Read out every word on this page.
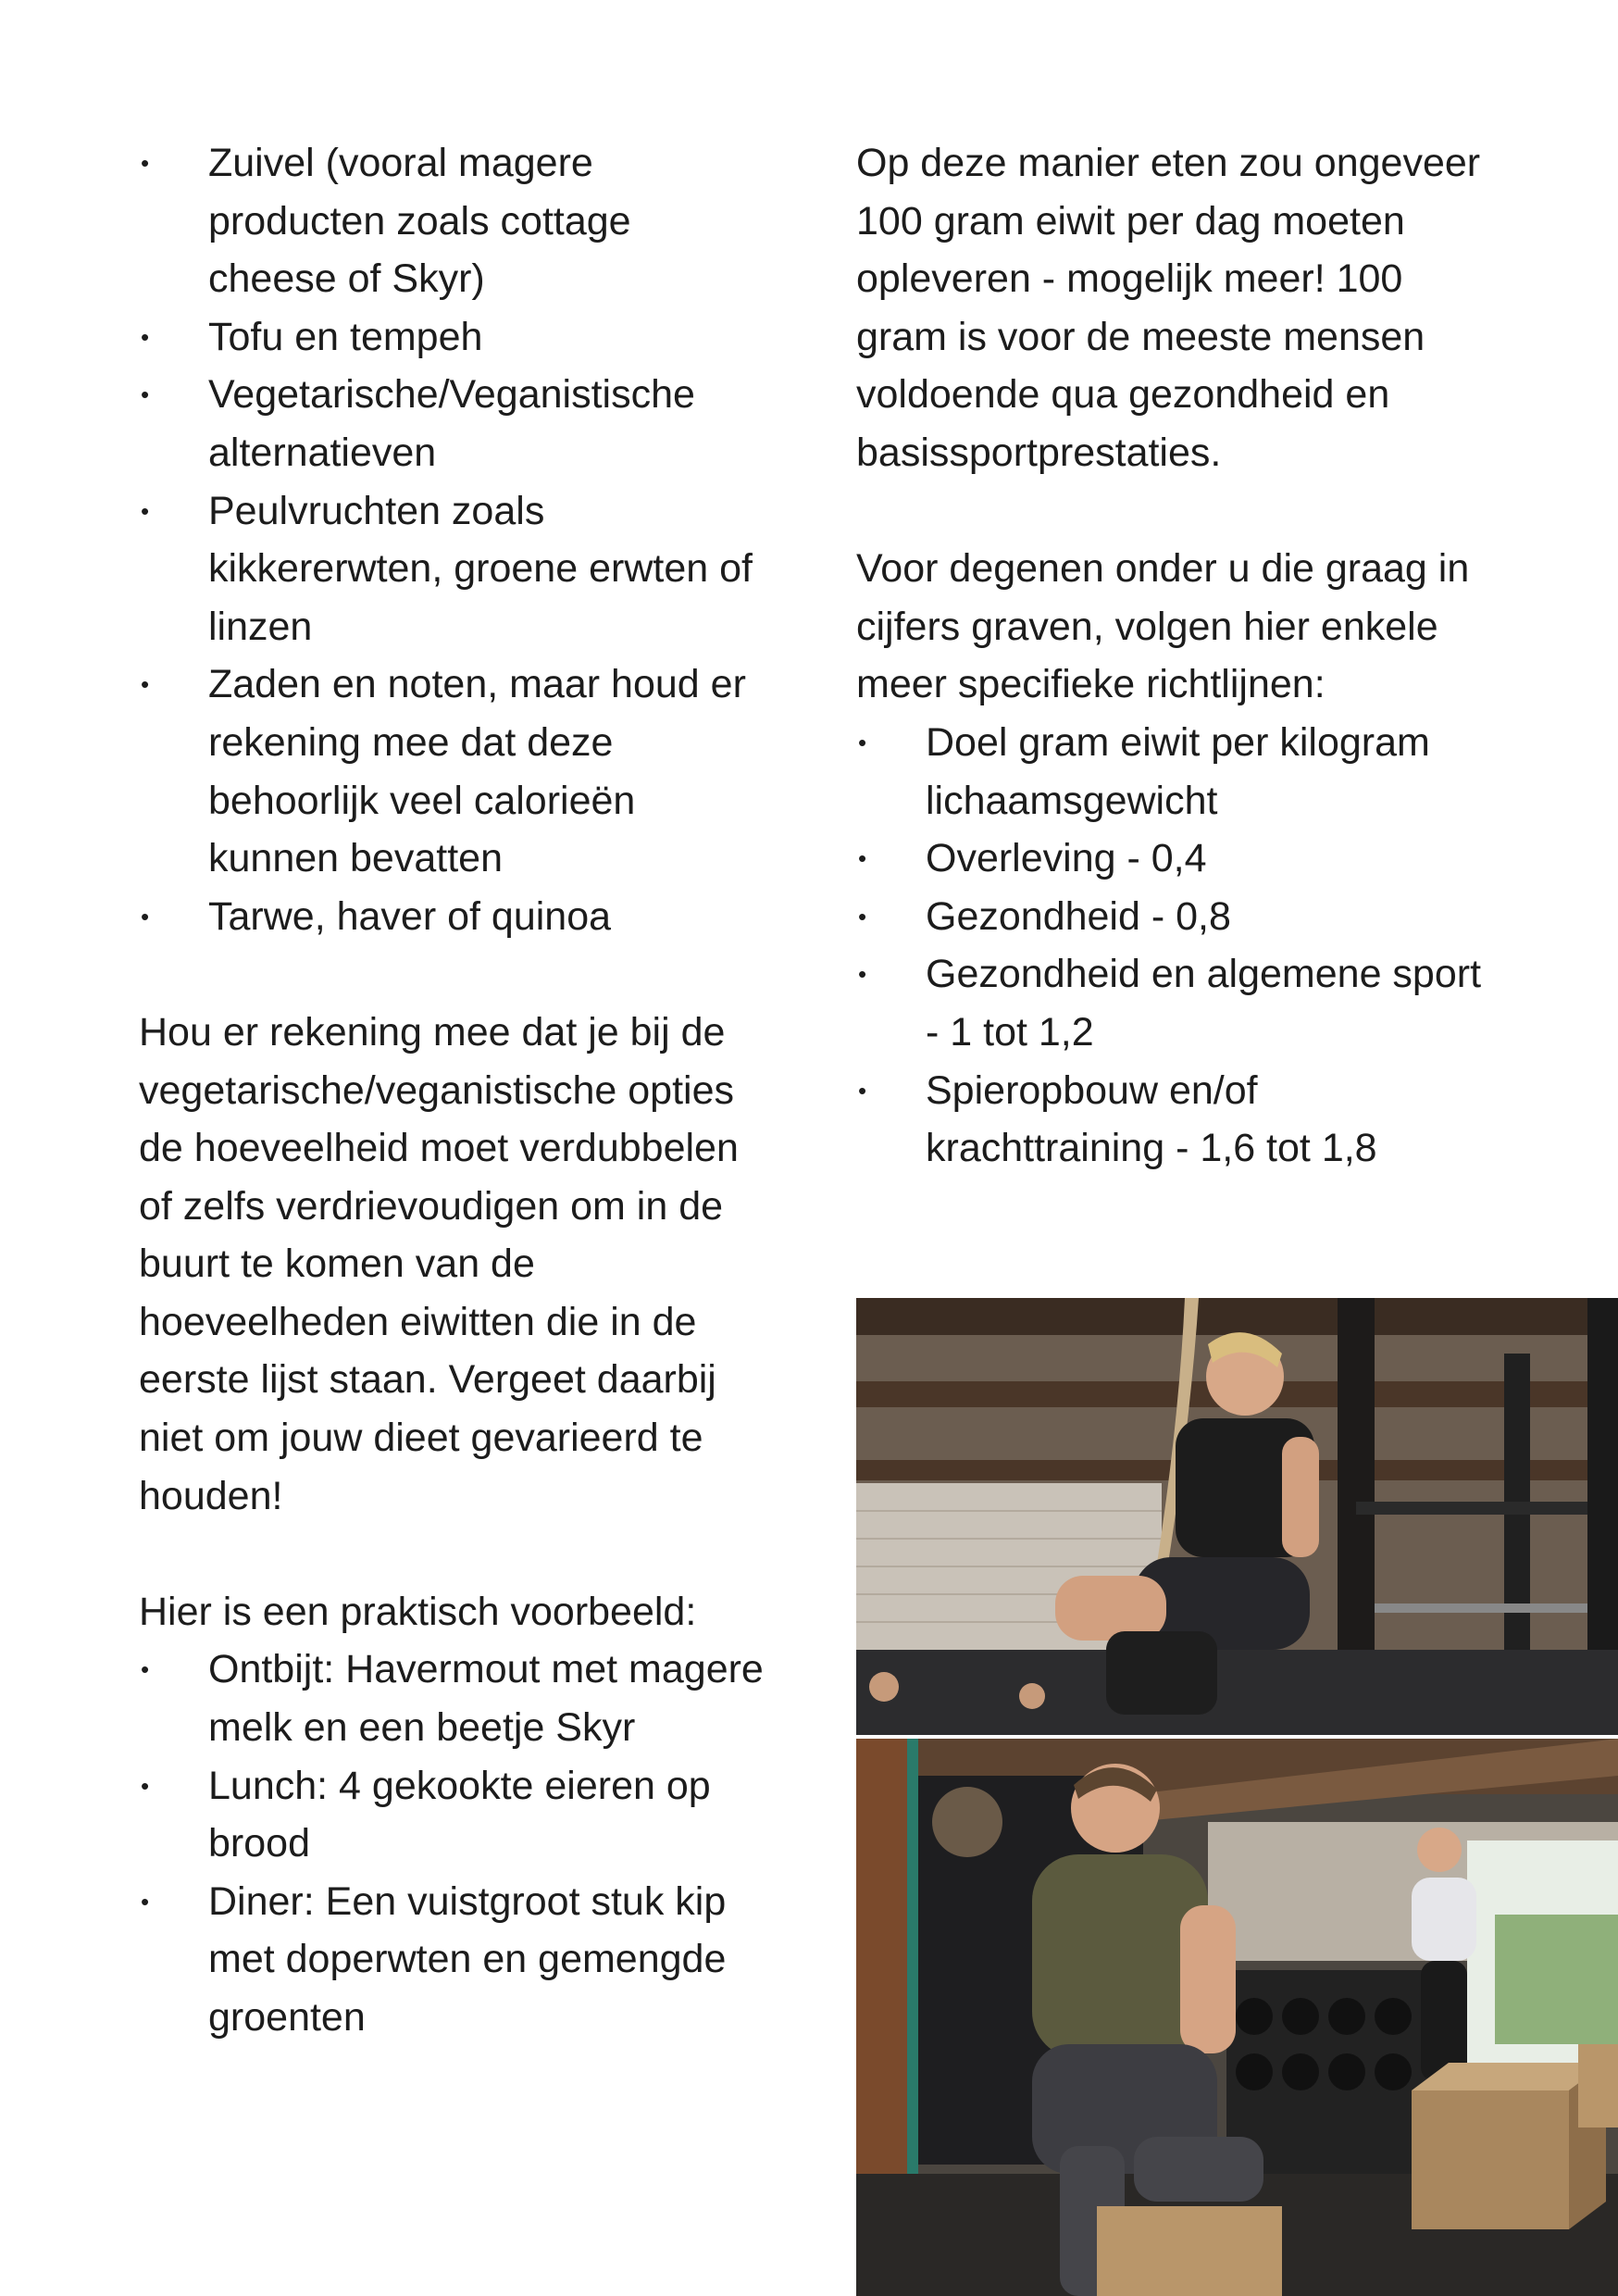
• Zuivel (vooral magere producten zoals cottage cheese of Skyr)
• Tofu en tempeh
• Vegetarische/Veganistische alternatieven
• Peulvruchten zoals kikkererwten, groene erwten of linzen
• Zaden en noten, maar houd er rekening mee dat deze behoorlijk veel calorieën kunnen bevatten
• Tarwe, haver of quinoa

Hou er rekening mee dat je bij de vegetarische/veganistische opties de hoeveelheid moet verdubbelen of zelfs verdrievoudigen om in de buurt te komen van de hoeveelheden eiwitten die in de eerste lijst staan. Vergeet daarbij niet om jouw dieet gevarieerd te houden!

Hier is een praktisch voorbeeld:

• Ontbijt: Havermout met magere melk en een beetje Skyr
• Lunch: 4 gekookte eieren op brood
• Diner: Een vuistgroot stuk kip met doperwten en gemengde groenten

Op deze manier eten zou ongeveer 100 gram eiwit per dag moeten opleveren - mogelijk meer! 100 gram is voor de meeste mensen voldoende qua gezondheid en basissportprestaties.

Voor degenen onder u die graag in cijfers graven, volgen hier enkele meer specifieke richtlijnen:

• Doel gram eiwit per kilogram lichaamsgewicht
• Overleving - 0,4
• Gezondheid - 0,8
• Gezondheid en algemene sport - 1 tot 1,2
• Spieropbouw en/of krachttraining - 1,6 tot 1,8
